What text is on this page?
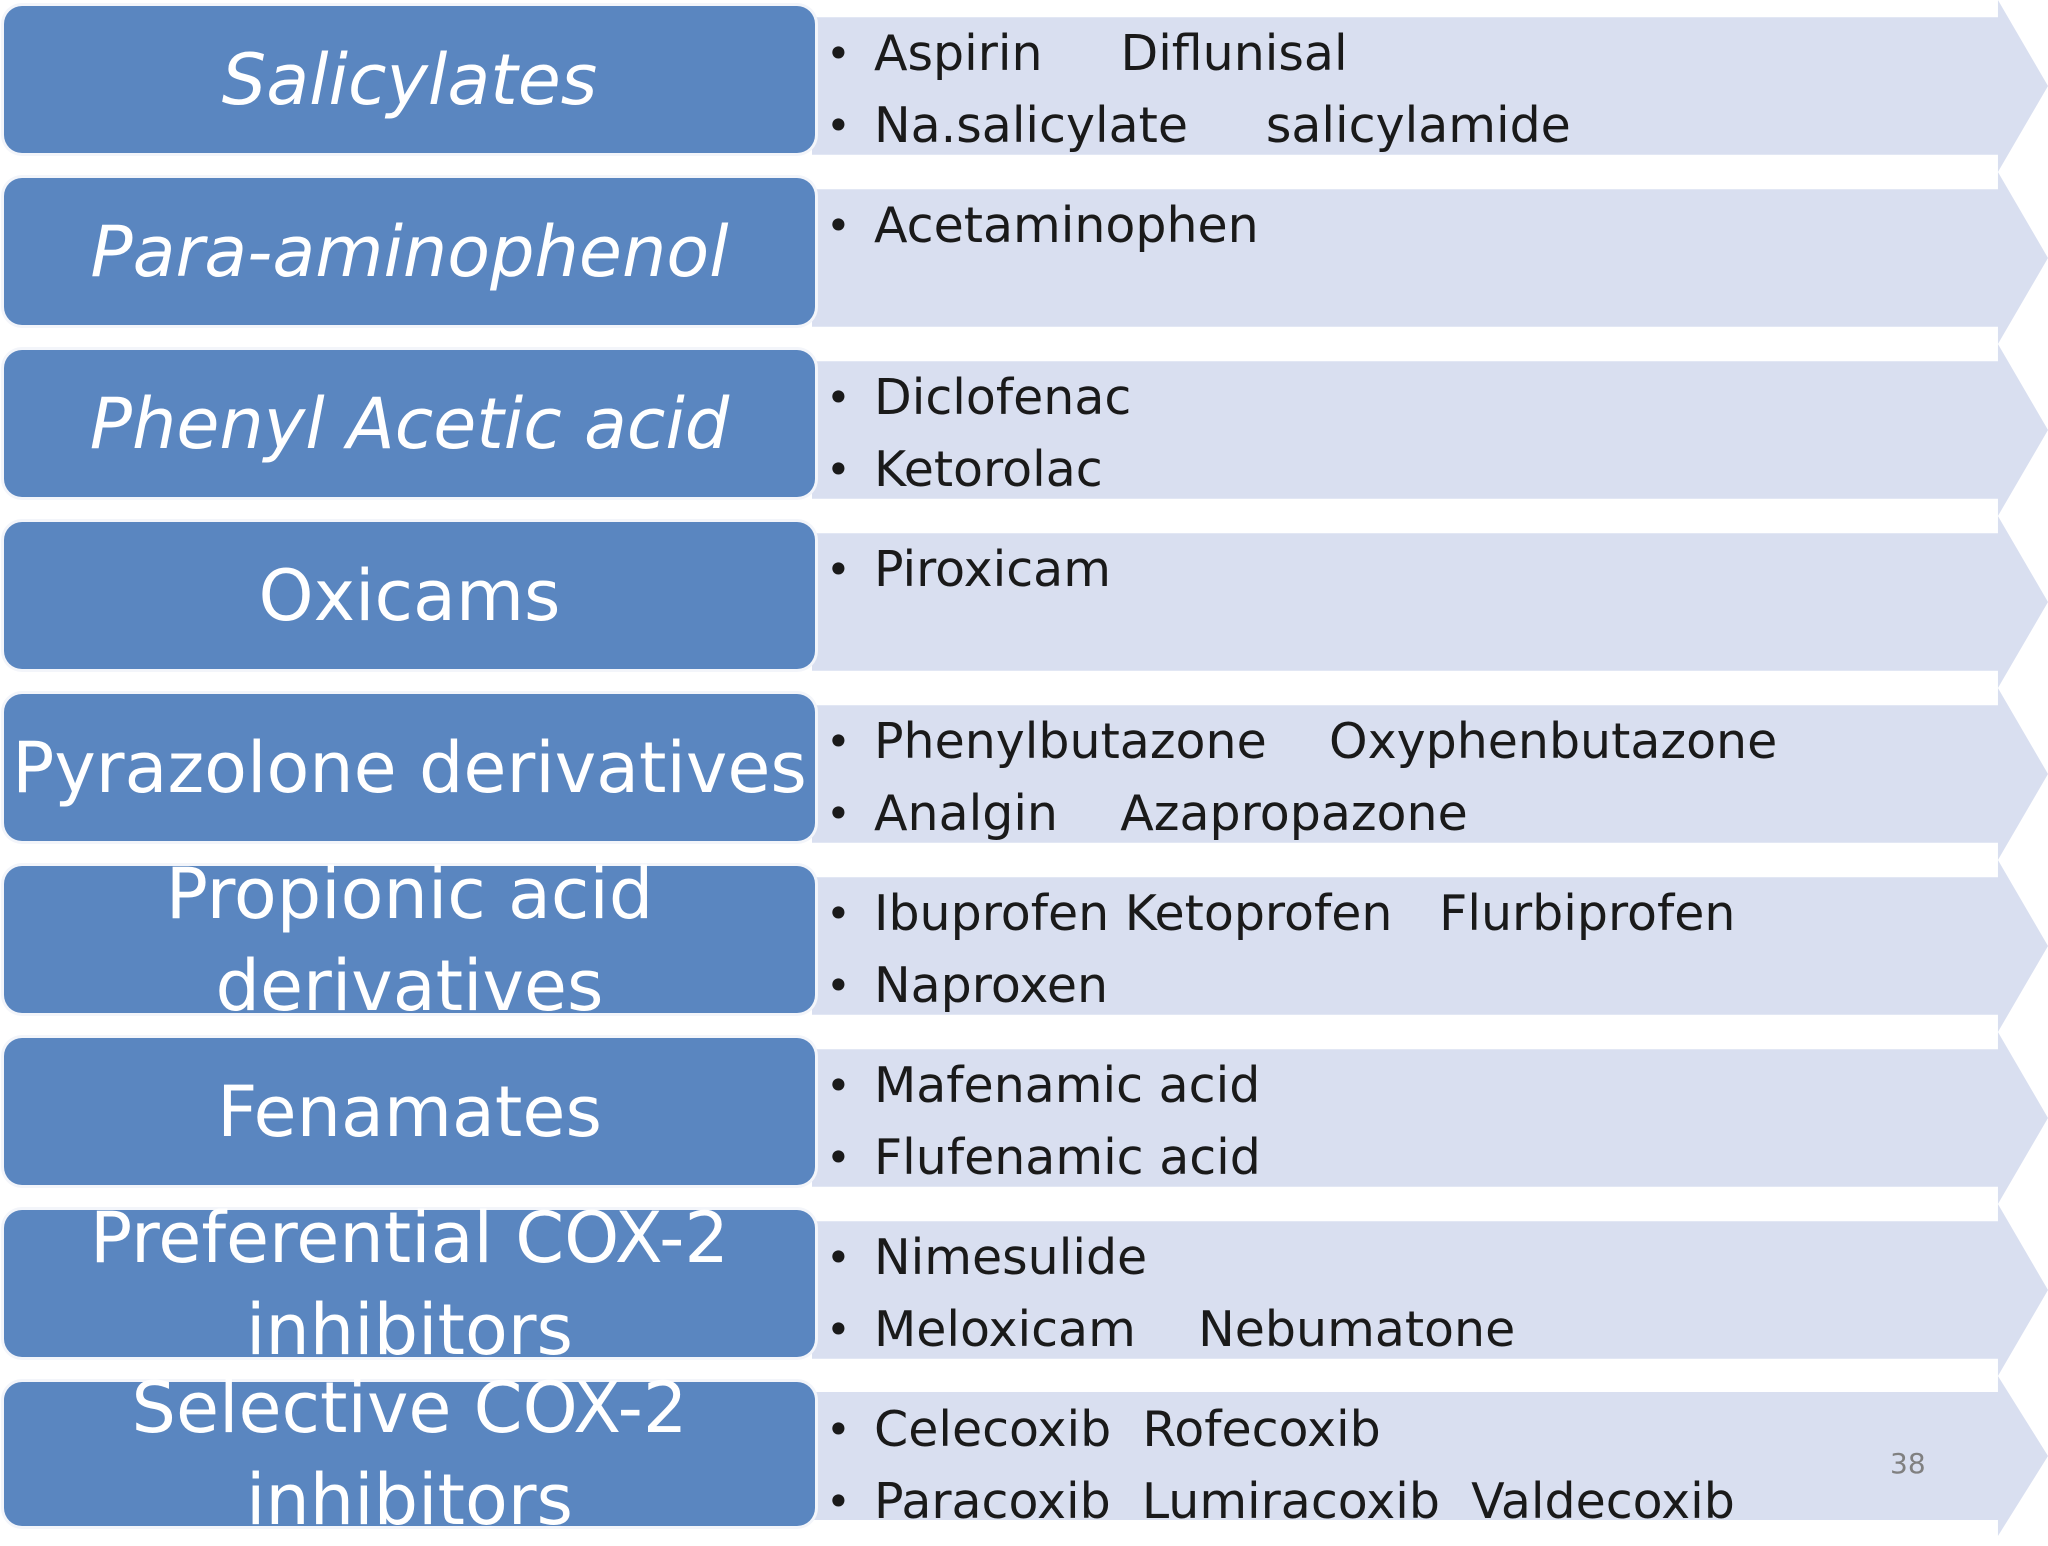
Salicylates	• Aspirin     Diflunisal
• Na.salicylate     salicylamide
Para-aminophenol • Acetaminophen
Phenyl Acetic acid • Diclofenac
• Ketorolac
Oxicams	• Piroxicam
Pyrazolone derivatives • Phenylbutazone    Oxyphenbutazone
• Analgin    Azapropazone
Propionic acid
derivatives
• Ibuprofen Ketoprofen   Flurbiprofen
• Naproxen
Fenamates	• Mafenamic acid
• Flufenamic acid
Preferential COX-2
inhibitors
• Nimesulide
• Meloxicam    Nebumatone
Selective COX-2
inhibitors
• Celecoxib  Rofecoxib
• Paracoxib  Lumiracoxib  Valdecoxib
38
